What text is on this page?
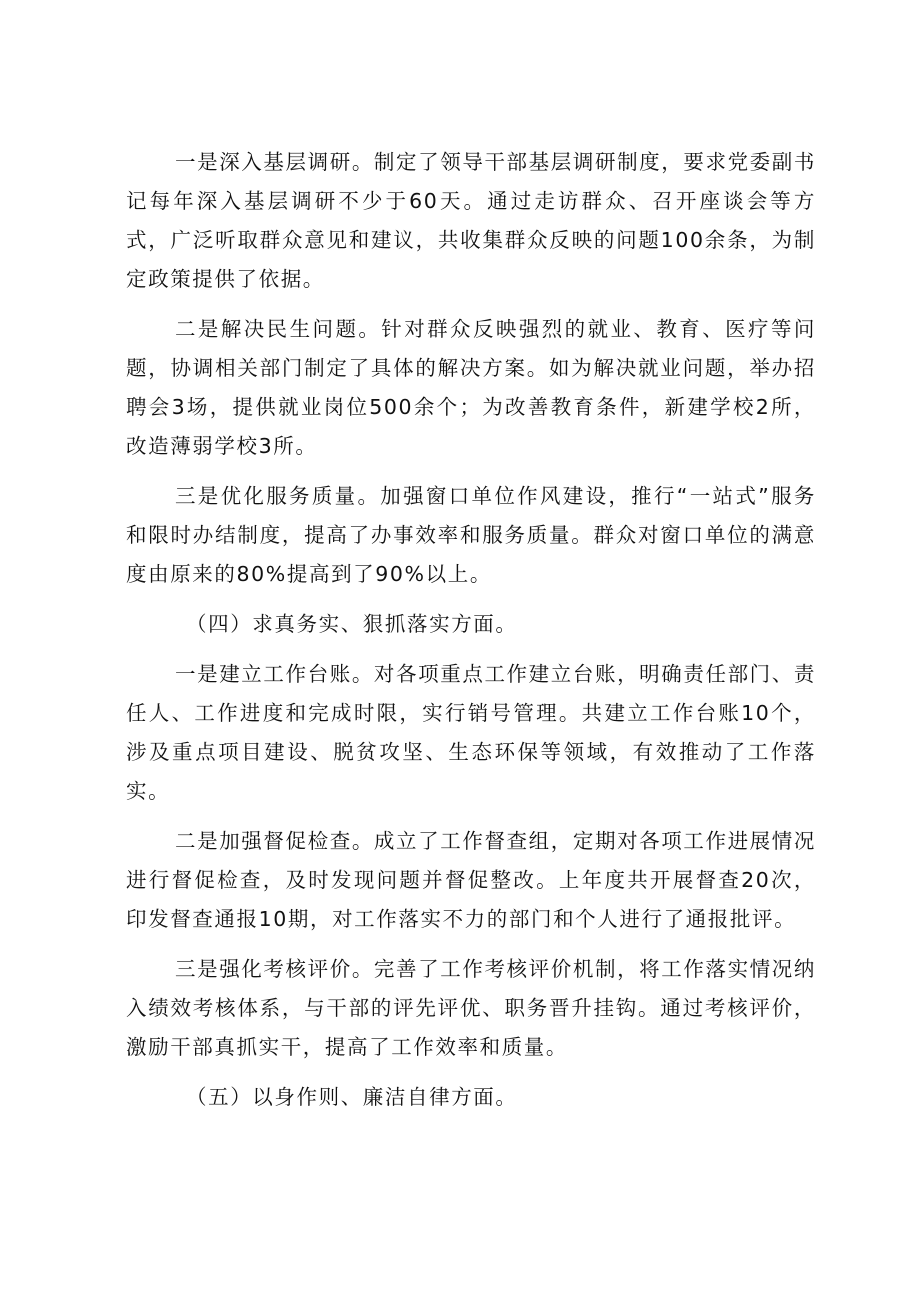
一是深入基层调研。制定了领导干部基层调研制度，要求党委副书记每年深入基层调研不少于60天。通过走访群众、召开座谈会等方式，广泛听取群众意见和建议，共收集群众反映的问题100余条，为制定政策提供了依据。

二是解决民生问题。针对群众反映强烈的就业、教育、医疗等问题，协调相关部门制定了具体的解决方案。如为解决就业问题，举办招聘会3场，提供就业岗位500余个；为改善教育条件，新建学校2所，改造薄弱学校3所。

三是优化服务质量。加强窗口单位作风建设，推行“一站式”服务和限时办结制度，提高了办事效率和服务质量。群众对窗口单位的满意度由原来的80%提高到了90%以上。

（四）求真务实、狠抓落实方面。

一是建立工作台账。对各项重点工作建立台账，明确责任部门、责任人、工作进度和完成时限，实行销号管理。共建立工作台账10个，涉及重点项目建设、脱贫攻坚、生态环保等领域，有效推动了工作落实。

二是加强督促检查。成立了工作督查组，定期对各项工作进展情况进行督促检查，及时发现问题并督促整改。上年度共开展督查20次，印发督查通报10期，对工作落实不力的部门和个人进行了通报批评。

三是强化考核评价。完善了工作考核评价机制，将工作落实情况纳入绩效考核体系，与干部的评先评优、职务晋升挂钩。通过考核评价，激励干部真抓实干，提高了工作效率和质量。

（五）以身作则、廉洁自律方面。
